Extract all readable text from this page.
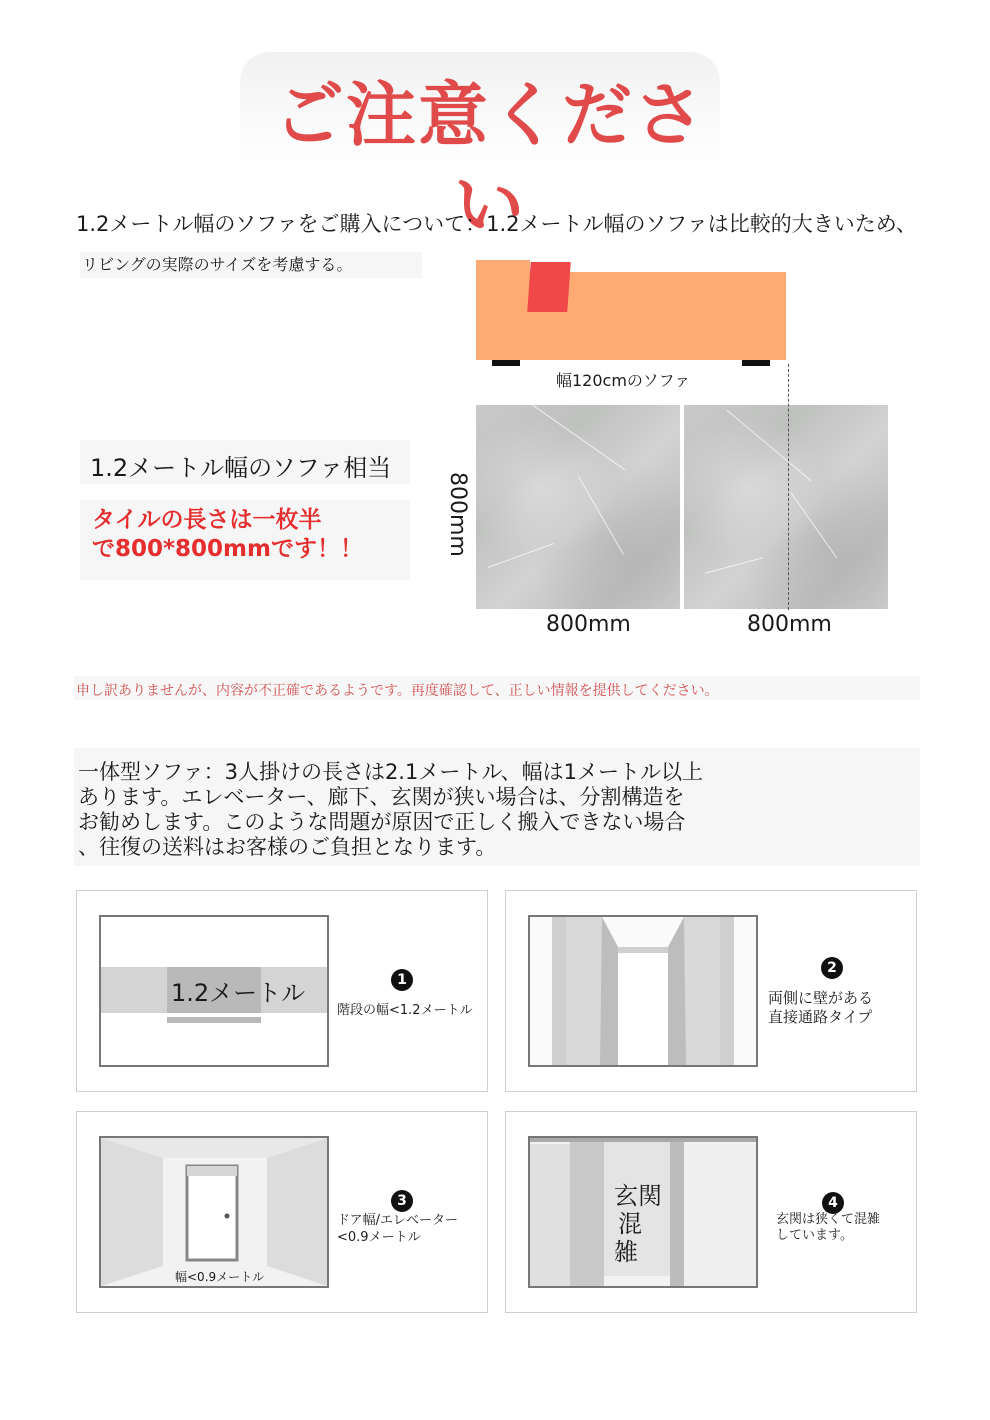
ご注意ください
1.2メートル幅のソファをご購入について：1.2メートル幅のソファは比較的大きいため、
リビングの実際のサイズを考慮する。
幅120cmのソファ
800mm
800mm	800mm
1.2メートル幅のソファ相当
タイルの長さは一枚半
で800*800mmです！！
申し訳ありませんが、内容が不正確であるようです。再度確認して、正しい情報を提供してください。
一体型ソファ：3人掛けの長さは2.1メートル、幅は1メートル以上
あります。エレベーター、廊下、玄関が狭い場合は、分割構造を
お勧めします。このような問題が原因で正しく搬入できない場合
、往復の送料はお客様のご負担となります。
1.2メートル	1
階段の幅<1.2メートル
2
両側に壁がある
直接通路タイプ
幅<0.9メートル
3
ドア幅/エレベーター
<0.9メートル
玄関
混
雑
4
玄関は狭くて混雑
しています。
